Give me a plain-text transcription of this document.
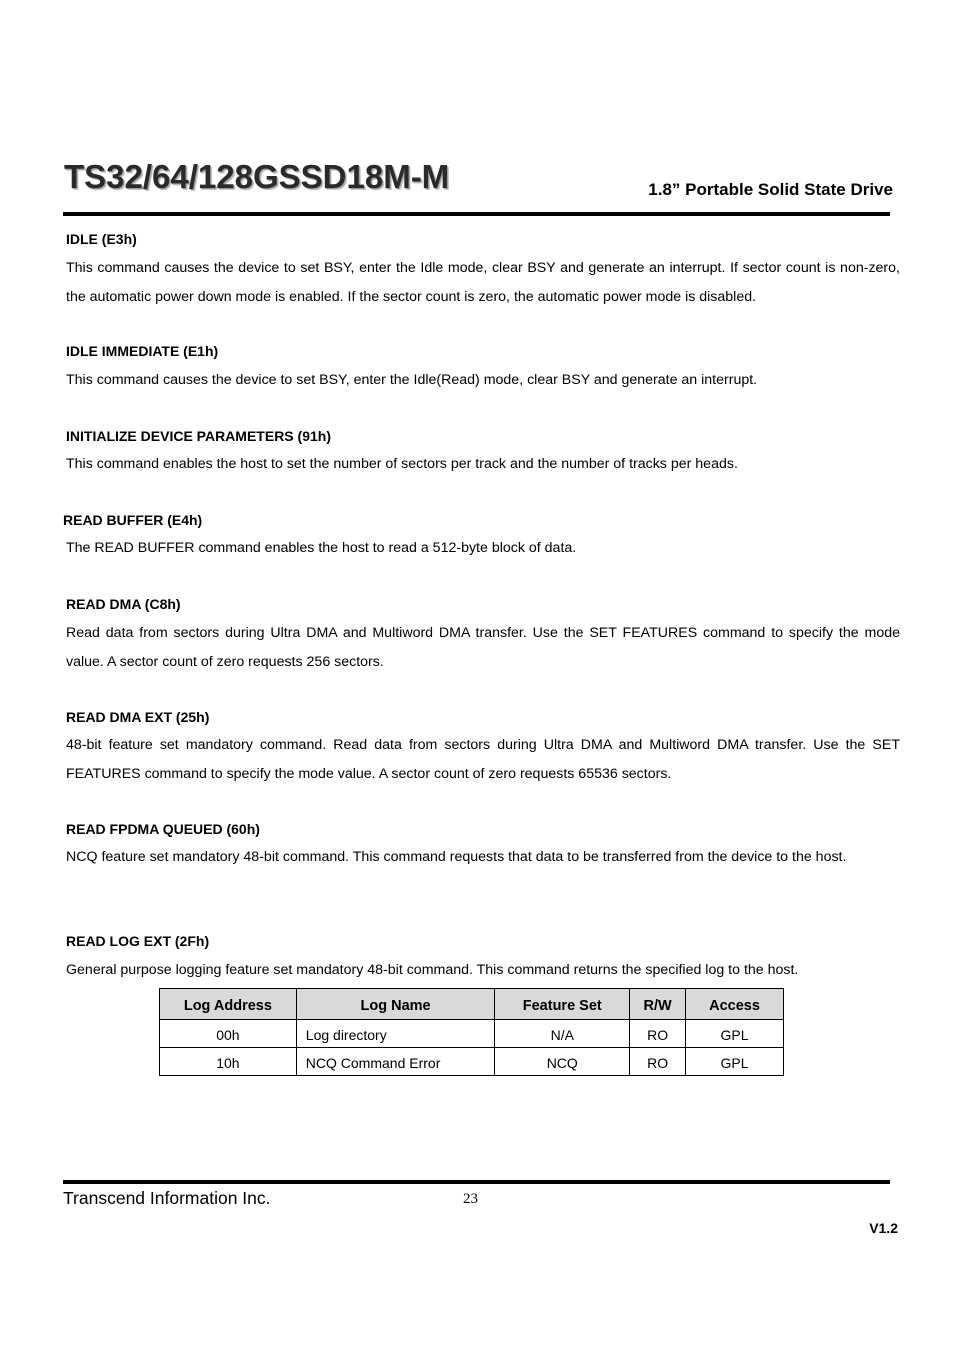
TS32/64/128GSSD18M-M	1.8” Portable Solid State Drive
IDLE (E3h)
This command causes the device to set BSY, enter the Idle mode, clear BSY and generate an interrupt. If sector count is non-zero, the automatic power down mode is enabled. If the sector count is zero, the automatic power mode is disabled.
IDLE IMMEDIATE (E1h)
This command causes the device to set BSY, enter the Idle(Read) mode, clear BSY and generate an interrupt.
INITIALIZE DEVICE PARAMETERS (91h)
This command enables the host to set the number of sectors per track and the number of tracks per heads.
READ BUFFER (E4h)
The READ BUFFER command enables the host to read a 512-byte block of data.
READ DMA (C8h)
Read data from sectors during Ultra DMA and Multiword DMA transfer. Use the SET FEATURES command to specify the mode value. A sector count of zero requests 256 sectors.
READ DMA EXT (25h)
48-bit feature set mandatory command. Read data from sectors during Ultra DMA and Multiword DMA transfer. Use the SET FEATURES command to specify the mode value. A sector count of zero requests 65536 sectors.
READ FPDMA QUEUED (60h)
NCQ feature set mandatory 48-bit command. This command requests that data to be transferred from the device to the host.
READ LOG EXT (2Fh)
General purpose logging feature set mandatory 48-bit command. This command returns the specified log to the host.
Log Address	Log Name	Feature Set	R/W	Access
00h	Log directory	N/A	RO	GPL
10h	NCQ Command Error	NCQ	RO	GPL
Transcend Information Inc.	23
V1.2
